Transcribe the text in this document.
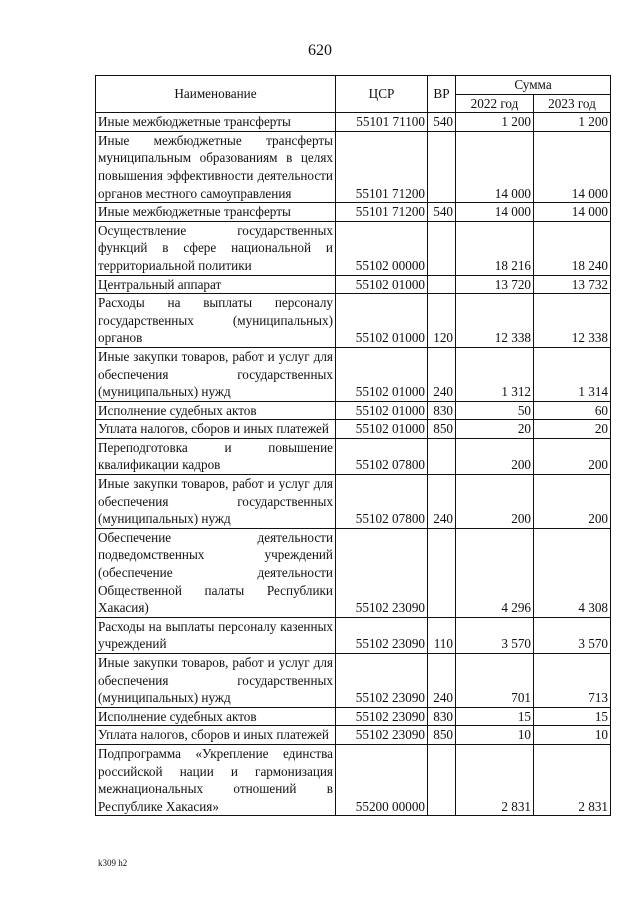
620
Наименование	ЦСР	ВР	Сумма	
			2022 год	2023 год
Иные межбюджетные трансферты	55101 71100	540	1 200	1 200
Иные межбюджетные трансферты муниципальным образованиям в целях повышения эффективности деятельности органов местного самоуправления	55101 71200		14 000	14 000
Иные межбюджетные трансферты	55101 71200	540	14 000	14 000
Осуществление государственных функций в сфере национальной и территориальной политики	55102 00000		18 216	18 240
Центральный аппарат	55102 01000		13 720	13 732
Расходы на выплаты персоналу государственных (муниципальных) органов	55102 01000	120	12 338	12 338
Иные закупки товаров, работ и услуг для обеспечения государственных (муниципальных) нужд	55102 01000	240	1 312	1 314
Исполнение судебных актов	55102 01000	830	50	60
Уплата налогов, сборов и иных платежей	55102 01000	850	20	20
Переподготовка и повышение квалификации кадров	55102 07800		200	200
Иные закупки товаров, работ и услуг для обеспечения государственных (муниципальных) нужд	55102 07800	240	200	200
Обеспечение деятельности подведомственных учреждений (обеспечение деятельности Общественной палаты Республики Хакасия)	55102 23090		4 296	4 308
Расходы на выплаты персоналу казенных учреждений	55102 23090	110	3 570	3 570
Иные закупки товаров, работ и услуг для обеспечения государственных (муниципальных) нужд	55102 23090	240	701	713
Исполнение судебных актов	55102 23090	830	15	15
Уплата налогов, сборов и иных платежей	55102 23090	850	10	10
Подпрограмма «Укрепление единства российской нации и гармонизация межнациональных отношений в Республике Хакасия»	55200 00000		2 831	2 831
k309 h2
